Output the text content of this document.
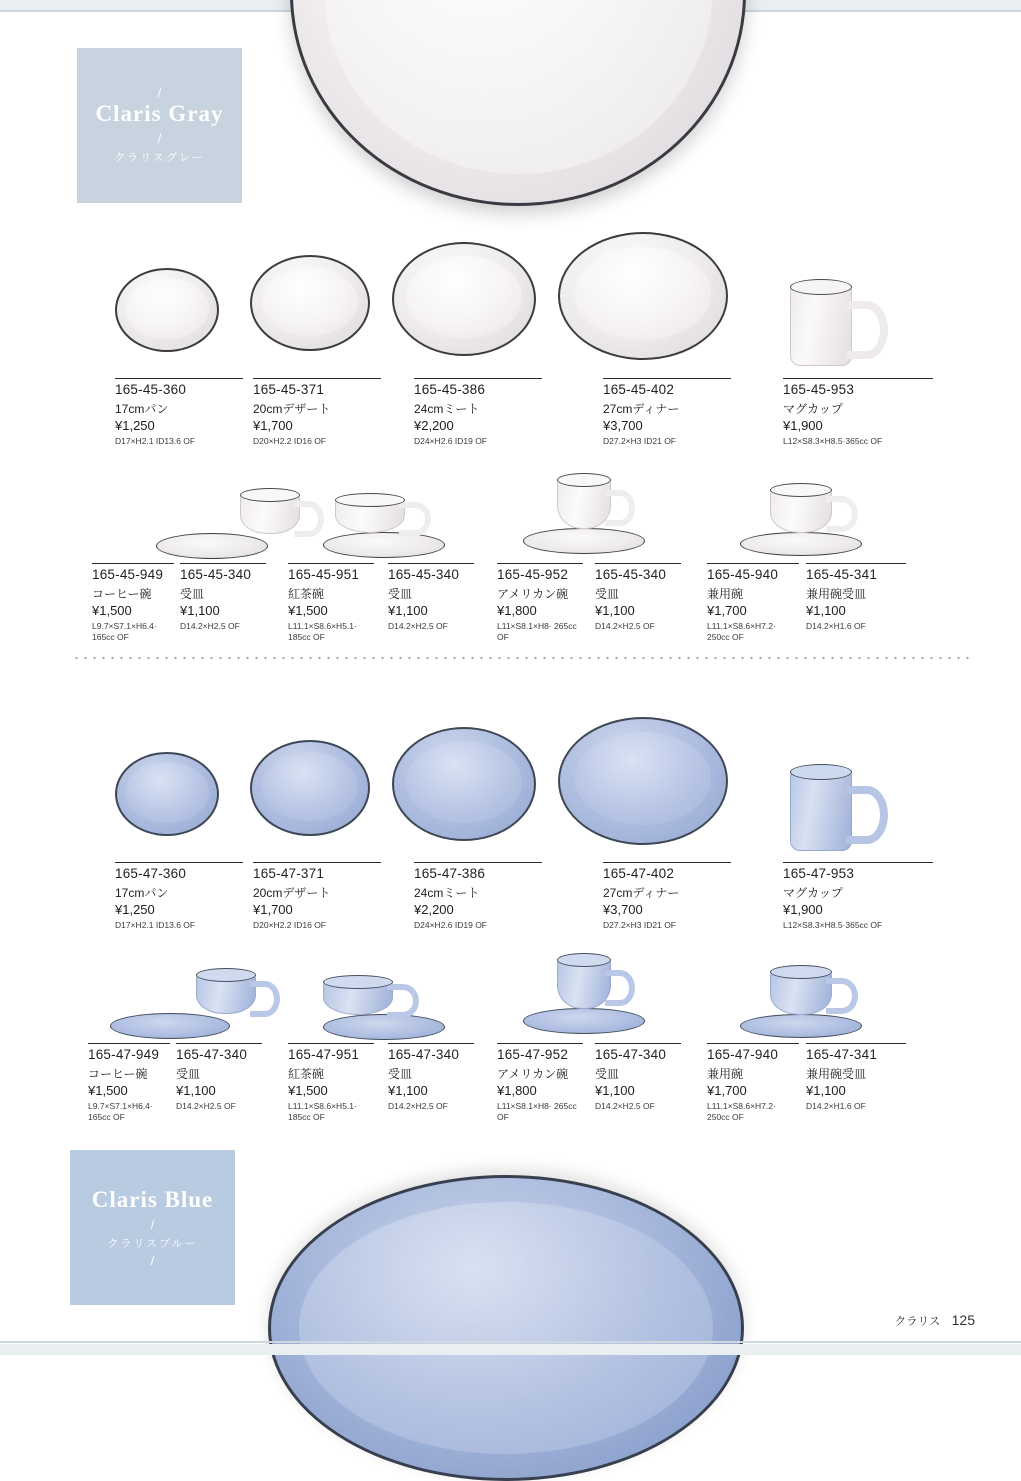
/
Claris Gray
/
クラリスグレー
165-45-360
17cmパン
¥1,250
D17×H2.1 ID13.6 OF
165-45-371
20cmデザート
¥1,700
D20×H2.2 ID16 OF
165-45-386
24cmミート
¥2,200
D24×H2.6 ID19 OF
165-45-402
27cmディナー
¥3,700
D27.2×H3 ID21 OF
165-45-953
マグカップ
¥1,900
L12×S8.3×H8.5·365cc OF
165-45-949
コーヒー碗
¥1,500
L9.7×S7.1×H6.4· 165cc OF
165-45-340
受皿
¥1,100
D14.2×H2.5 OF
165-45-951
紅茶碗
¥1,500
L11.1×S8.6×H5.1· 185cc OF
165-45-340
受皿
¥1,100
D14.2×H2.5 OF
165-45-952
アメリカン碗
¥1,800
L11×S8.1×H8· 265cc OF
165-45-340
受皿
¥1,100
D14.2×H2.5 OF
165-45-940
兼用碗
¥1,700
L11.1×S8.6×H7.2· 250cc OF
165-45-341
兼用碗受皿
¥1,100
D14.2×H1.6 OF
165-47-360
17cmパン
¥1,250
D17×H2.1 ID13.6 OF
165-47-371
20cmデザート
¥1,700
D20×H2.2 ID16 OF
165-47-386
24cmミート
¥2,200
D24×H2.6 ID19 OF
165-47-402
27cmディナー
¥3,700
D27.2×H3 ID21 OF
165-47-953
マグカップ
¥1,900
L12×S8.3×H8.5·365cc OF
165-47-949
コーヒー碗
¥1,500
L9.7×S7.1×H6.4· 165cc OF
165-47-340
受皿
¥1,100
D14.2×H2.5 OF
165-47-951
紅茶碗
¥1,500
L11.1×S8.6×H5.1· 185cc OF
165-47-340
受皿
¥1,100
D14.2×H2.5 OF
165-47-952
アメリカン碗
¥1,800
L11×S8.1×H8· 265cc OF
165-47-340
受皿
¥1,100
D14.2×H2.5 OF
165-47-940
兼用碗
¥1,700
L11.1×S8.6×H7.2· 250cc OF
165-47-341
兼用碗受皿
¥1,100
D14.2×H1.6 OF
Claris Blue
/
クラリスブルー
/
クラリス 125
